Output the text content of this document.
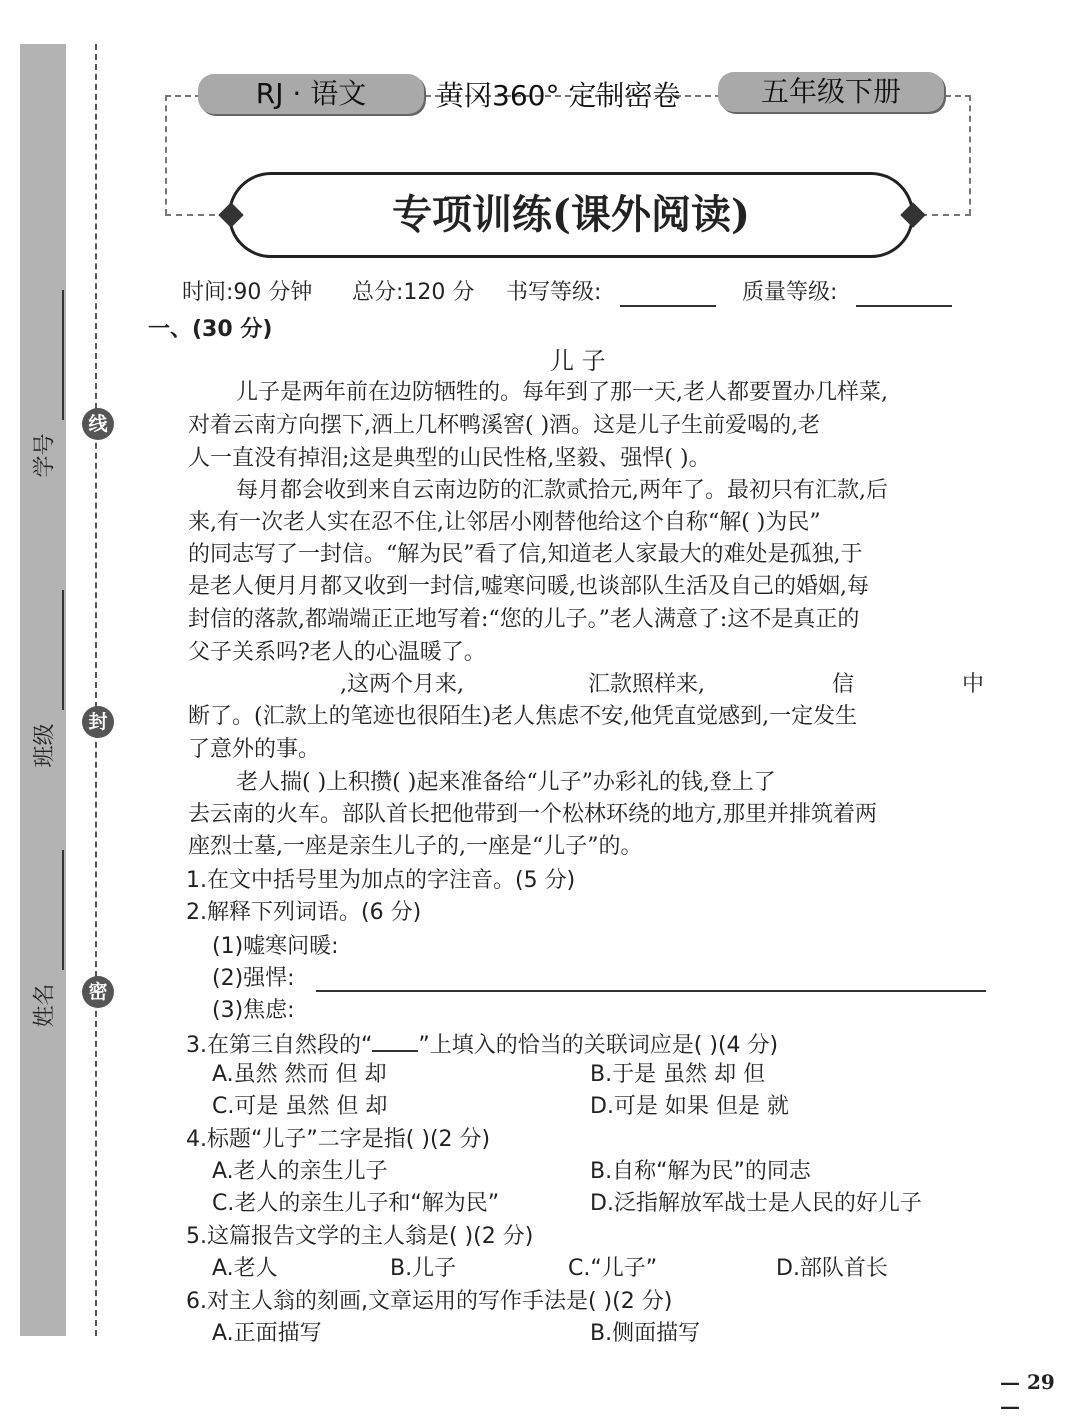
线
封
密
学号
班级
姓名
RJ · 语文	黄冈360° 定制密卷	五年级下册
专项训练(课外阅读)
时间:90 分钟 总分:120 分 书写等级:	质量等级:
一、(30 分)
儿 子
儿子是两年前在边防牺牲的。每年到了那一天,老人都要置办几样菜,
对着云南方向摆下,洒上几杯鸭溪窖( )酒。这是儿子生前爱喝的,老
人一直没有掉泪;这是典型的山民性格,坚毅、强悍( )。
每月都会收到来自云南边防的汇款贰拾元,两年了。最初只有汇款,后
来,有一次老人实在忍不住,让邻居小刚替他给这个自称“解( )为民”
的同志写了一封信。“解为民”看了信,知道老人家最大的难处是孤独,于
是老人便月月都又收到一封信,嘘寒问暖,也谈部队生活及自己的婚姻,每
封信的落款,都端端正正地写着:“您的儿子。”老人满意了:这不是真正的
父子关系吗?老人的心温暖了。
,这两个月来,	汇款照样来,	信	中
断了。(汇款上的笔迹也很陌生)老人焦虑不安,他凭直觉感到,一定发生
了意外的事。
老人揣( )上积攒( )起来准备给“儿子”办彩礼的钱,登上了
去云南的火车。部队首长把他带到一个松林环绕的地方,那里并排筑着两
座烈士墓,一座是亲生儿子的,一座是“儿子”的。
1.在文中括号里为加点的字注音。(5 分)
2.解释下列词语。(6 分)
(1)嘘寒问暖:
(2)强悍:
(3)焦虑:
3.在第三自然段的“ ”上填入的恰当的关联词应是( )(4 分)
A.虽然 然而 但 却	B.于是 虽然 却 但
C.可是 虽然 但 却	D.可是 如果 但是 就
4.标题“儿子”二字是指( )(2 分)
A.老人的亲生儿子	B.自称“解为民”的同志
C.老人的亲生儿子和“解为民”	D.泛指解放军战士是人民的好儿子
5.这篇报告文学的主人翁是( )(2 分)
A.老人	B.儿子	C.“儿子”	D.部队首长
6.对主人翁的刻画,文章运用的写作手法是( )(2 分)
A.正面描写	B.侧面描写
— 29 —
